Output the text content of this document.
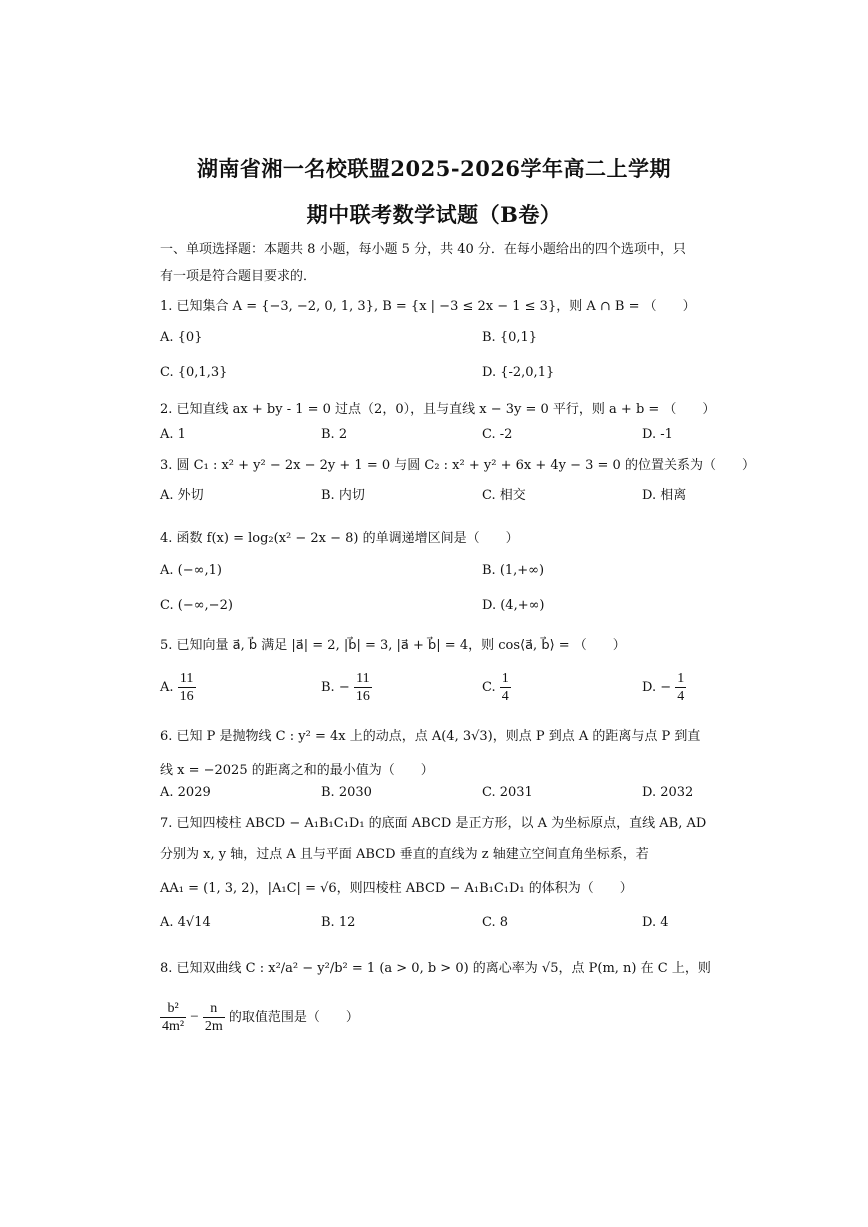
湖南省湘一名校联盟2025-2026学年高二上学期
期中联考数学试题（B卷）
一、单项选择题：本题共 8 小题，每小题 5 分，共 40 分．在每小题给出的四个选项中，只
有一项是符合题目要求的．
1. 已知集合 A = {−3, −2, 0, 1, 3}, B = {x | −3 ≤ 2x − 1 ≤ 3}，则 A ∩ B = （　　）
A. {0}	B. {0,1}
C. {0,1,3}	D. {-2,0,1}
2. 已知直线 ax + by - 1 = 0 过点（2，0），且与直线 x − 3y = 0 平行，则 a + b = （　　）
A. 1	B. 2	C. -2	D. -1
3. 圆 C₁ : x² + y² − 2x − 2y + 1 = 0 与圆 C₂ : x² + y² + 6x + 4y − 3 = 0 的位置关系为（　　）
A. 外切	B. 内切	C. 相交	D. 相离
4. 函数 f(x) = log₂(x² − 2x − 8) 的单调递增区间是（　　）
A. (−∞,1)	B. (1,+∞)
C. (−∞,−2)	D. (4,+∞)
5. 已知向量 a⃗, b⃗ 满足 |a⃗| = 2, |b⃗| = 3, |a⃗ + b⃗| = 4，则 cos⟨a⃗, b⃗⟩ = （　　）
A. $\frac{11}{16}$	B. − $\frac{11}{16}$	C. $\frac{1}{4}$	D. − $\frac{1}{4}$
6. 已知 P 是抛物线 C : y² = 4x 上的动点，点 A(4, 3√3)，则点 P 到点 A 的距离与点 P 到直
线 x = −2025 的距离之和的最小值为（　　）
A. 2029	B. 2030	C. 2031	D. 2032
7. 已知四棱柱 ABCD − A₁B₁C₁D₁ 的底面 ABCD 是正方形，以 A 为坐标原点，直线 AB, AD
分别为 x, y 轴，过点 A 且与平面 ABCD 垂直的直线为 z 轴建立空间直角坐标系，若
AA₁ = (1, 3, 2)，|A₁C| = √6，则四棱柱 ABCD − A₁B₁C₁D₁ 的体积为（　　）
A. 4√14	B. 12	C. 8	D. 4
8. 已知双曲线 C : x²/a² − y²/b² = 1 (a > 0, b > 0) 的离心率为 √5，点 P(m, n) 在 C 上，则
$\frac{\text{b²}}{\text{4m²}} - \frac{n}{2m}$ 的取值范围是（　　）
